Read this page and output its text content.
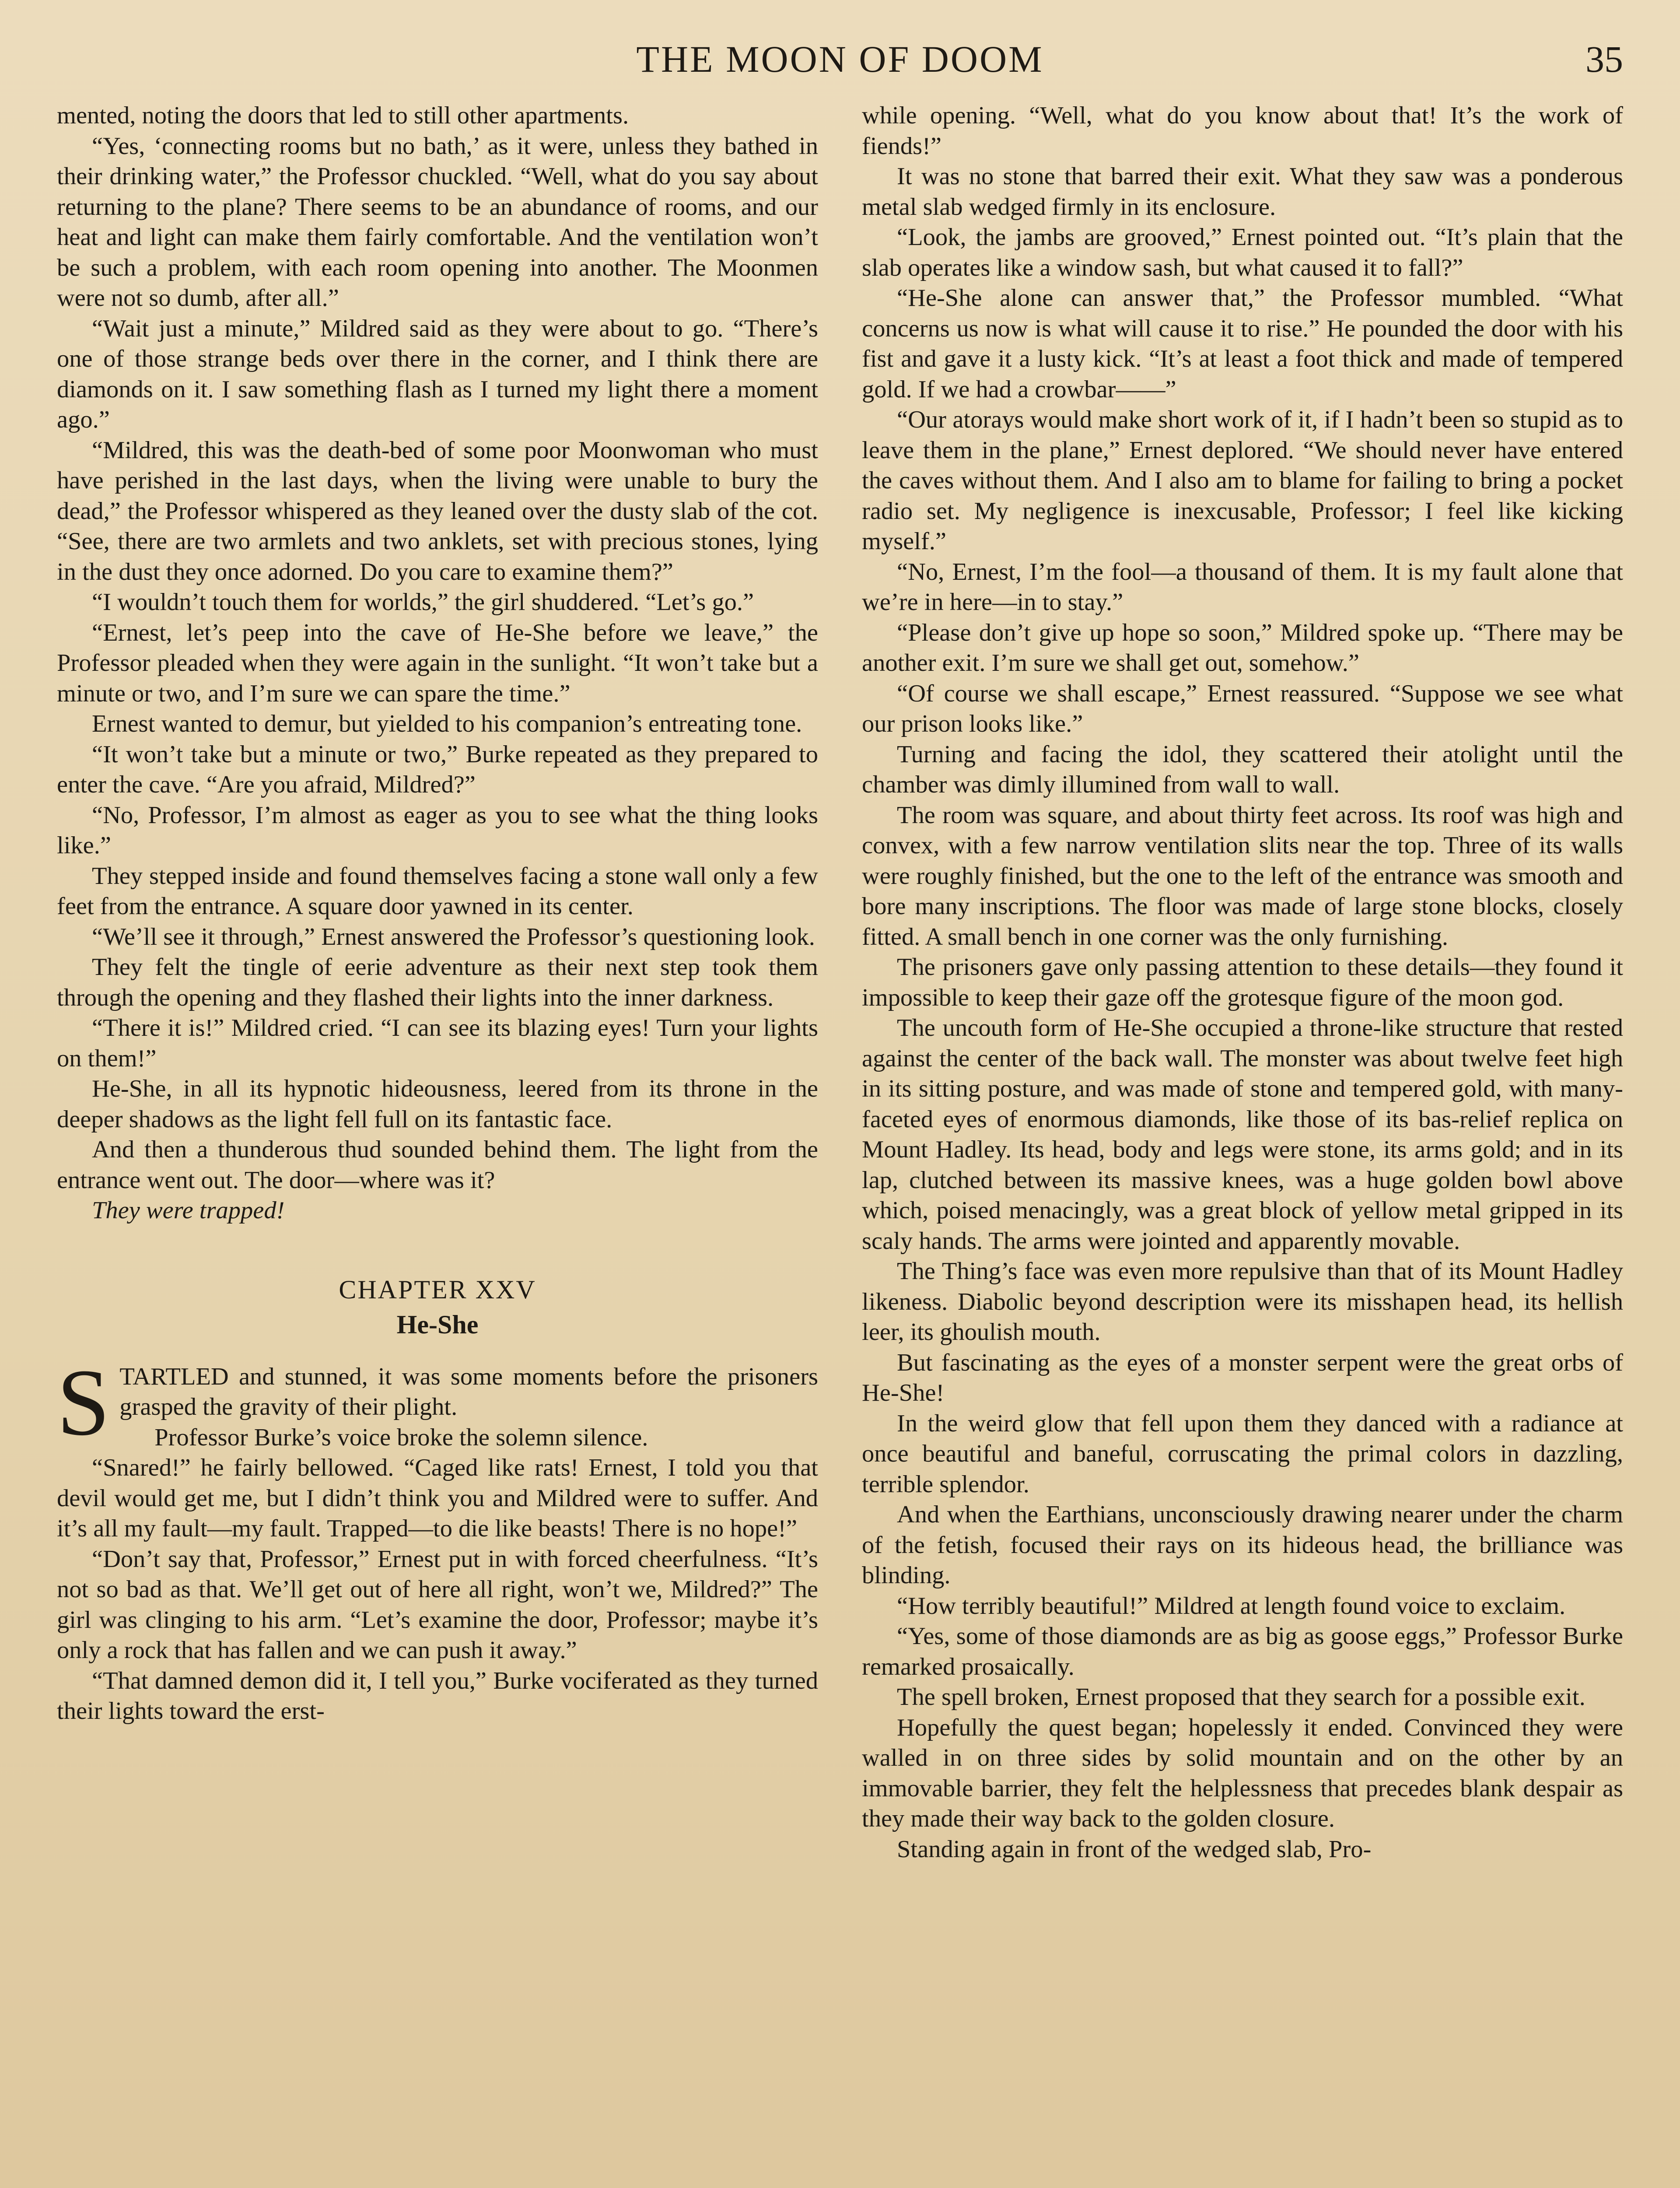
THE MOON OF DOOM	35

mented, noting the doors that led to still other apartments.

“Yes, ‘connecting rooms but no bath,’ as it were, unless they bathed in their drinking water,” the Professor chuckled. “Well, what do you say about returning to the plane? There seems to be an abundance of rooms, and our heat and light can make them fairly comfortable. And the ventilation won’t be such a problem, with each room opening into another. The Moonmen were not so dumb, after all.”

“Wait just a minute,” Mildred said as they were about to go. “There’s one of those strange beds over there in the corner, and I think there are diamonds on it. I saw something flash as I turned my light there a moment ago.”

“Mildred, this was the death-bed of some poor Moonwoman who must have perished in the last days, when the living were unable to bury the dead,” the Professor whispered as they leaned over the dusty slab of the cot. “See, there are two armlets and two anklets, set with precious stones, lying in the dust they once adorned. Do you care to examine them?”

“I wouldn’t touch them for worlds,” the girl shuddered. “Let’s go.”

“Ernest, let’s peep into the cave of He-She before we leave,” the Professor pleaded when they were again in the sunlight. “It won’t take but a minute or two, and I’m sure we can spare the time.”

Ernest wanted to demur, but yielded to his companion’s entreating tone.

“It won’t take but a minute or two,” Burke repeated as they prepared to enter the cave. “Are you afraid, Mildred?”

“No, Professor, I’m almost as eager as you to see what the thing looks like.”

They stepped inside and found themselves facing a stone wall only a few feet from the entrance. A square door yawned in its center.

“We’ll see it through,” Ernest answered the Professor’s questioning look.

They felt the tingle of eerie adventure as their next step took them through the opening and they flashed their lights into the inner darkness.

“There it is!” Mildred cried. “I can see its blazing eyes! Turn your lights on them!”

He-She, in all its hypnotic hideousness, leered from its throne in the deeper shadows as the light fell full on its fantastic face.

And then a thunderous thud sounded behind them. The light from the entrance went out. The door—where was it?

They were trapped!

CHAPTER XXV
He-She

STARTLED and stunned, it was some moments before the prisoners grasped the gravity of their plight.

Professor Burke’s voice broke the solemn silence.

“Snared!” he fairly bellowed. “Caged like rats! Ernest, I told you that devil would get me, but I didn’t think you and Mildred were to suffer. And it’s all my fault—my fault. Trapped—to die like beasts! There is no hope!”

“Don’t say that, Professor,” Ernest put in with forced cheerfulness. “It’s not so bad as that. We’ll get out of here all right, won’t we, Mildred?” The girl was clinging to his arm. “Let’s examine the door, Professor; maybe it’s only a rock that has fallen and we can push it away.”

“That damned demon did it, I tell you,” Burke vociferated as they turned their lights toward the erst-

while opening. “Well, what do you know about that! It’s the work of fiends!”

It was no stone that barred their exit. What they saw was a ponderous metal slab wedged firmly in its enclosure.

“Look, the jambs are grooved,” Ernest pointed out. “It’s plain that the slab operates like a window sash, but what caused it to fall?”

“He-She alone can answer that,” the Professor mumbled. “What concerns us now is what will cause it to rise.” He pounded the door with his fist and gave it a lusty kick. “It’s at least a foot thick and made of tempered gold. If we had a crowbar——”

“Our atorays would make short work of it, if I hadn’t been so stupid as to leave them in the plane,” Ernest deplored. “We should never have entered the caves without them. And I also am to blame for failing to bring a pocket radio set. My negligence is inexcusable, Professor; I feel like kicking myself.”

“No, Ernest, I’m the fool—a thousand of them. It is my fault alone that we’re in here—in to stay.”

“Please don’t give up hope so soon,” Mildred spoke up. “There may be another exit. I’m sure we shall get out, somehow.”

“Of course we shall escape,” Ernest reassured. “Suppose we see what our prison looks like.”

Turning and facing the idol, they scattered their atolight until the chamber was dimly illumined from wall to wall.

The room was square, and about thirty feet across. Its roof was high and convex, with a few narrow ventilation slits near the top. Three of its walls were roughly finished, but the one to the left of the entrance was smooth and bore many inscriptions. The floor was made of large stone blocks, closely fitted. A small bench in one corner was the only furnishing.

The prisoners gave only passing attention to these details—they found it impossible to keep their gaze off the grotesque figure of the moon god.

The uncouth form of He-She occupied a throne-like structure that rested against the center of the back wall. The monster was about twelve feet high in its sitting posture, and was made of stone and tempered gold, with many-faceted eyes of enormous diamonds, like those of its bas-relief replica on Mount Hadley. Its head, body and legs were stone, its arms gold; and in its lap, clutched between its massive knees, was a huge golden bowl above which, poised menacingly, was a great block of yellow metal gripped in its scaly hands. The arms were jointed and apparently movable.

The Thing’s face was even more repulsive than that of its Mount Hadley likeness. Diabolic beyond description were its misshapen head, its hellish leer, its ghoulish mouth.

But fascinating as the eyes of a monster serpent were the great orbs of He-She!

In the weird glow that fell upon them they danced with a radiance at once beautiful and baneful, corruscating the primal colors in dazzling, terrible splendor.

And when the Earthians, unconsciously drawing nearer under the charm of the fetish, focused their rays on its hideous head, the brilliance was blinding.

“How terribly beautiful!” Mildred at length found voice to exclaim.

“Yes, some of those diamonds are as big as goose eggs,” Professor Burke remarked prosaically.

The spell broken, Ernest proposed that they search for a possible exit.

Hopefully the quest began; hopelessly it ended. Convinced they were walled in on three sides by solid mountain and on the other by an immovable barrier, they felt the helplessness that precedes blank despair as they made their way back to the golden closure.

Standing again in front of the wedged slab, Pro-
